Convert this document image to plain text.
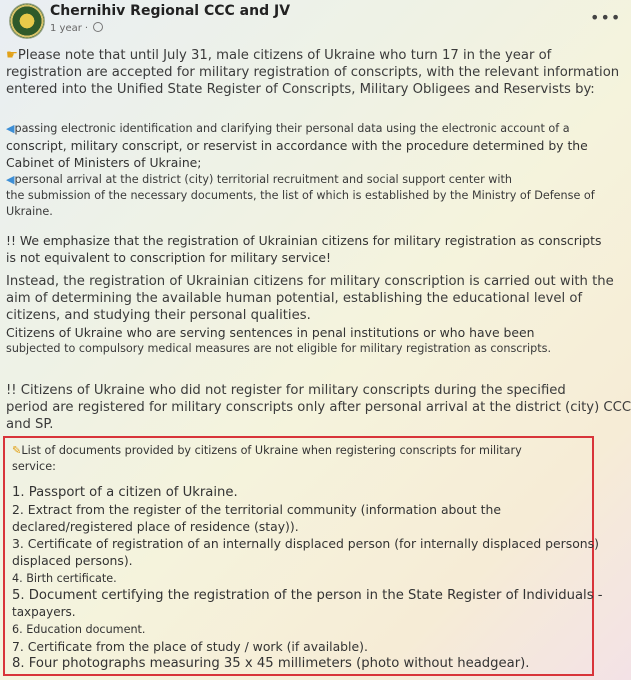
Chernihiv Regional CCC and JV
1 year ·
•••

☛Please note that until July 31, male citizens of Ukraine who turn 17 in the year of
registration are accepted for military registration of conscripts, with the relevant information
entered into the Unified State Register of Conscripts, Military Obligees and Reservists by:

◀passing electronic identification and clarifying their personal data using the electronic account of a
conscript, military conscript, or reservist in accordance with the procedure determined by the
Cabinet of Ministers of Ukraine;

◀personal arrival at the district (city) territorial recruitment and social support center with
the submission of the necessary documents, the list of which is established by the Ministry of Defense of
Ukraine.

!! We emphasize that the registration of Ukrainian citizens for military registration as conscripts
is not equivalent to conscription for military service!

Instead, the registration of Ukrainian citizens for military conscription is carried out with the
aim of determining the available human potential, establishing the educational level of
citizens, and studying their personal qualities.

Citizens of Ukraine who are serving sentences in penal institutions or who have been
subjected to compulsory medical measures are not eligible for military registration as conscripts.

!! Citizens of Ukraine who did not register for military conscripts during the specified
period are registered for military conscripts only after personal arrival at the district (city) CCC
and SP.

✎List of documents provided by citizens of Ukraine when registering conscripts for military
service:

1. Passport of a citizen of Ukraine.

2. Extract from the register of the territorial community (information about the
declared/registered place of residence (stay)).

3. Certificate of registration of an internally displaced person (for internally displaced persons)
displaced persons).

4. Birth certificate.

5. Document certifying the registration of the person in the State Register of Individuals -
taxpayers.

6. Education document.

7. Certificate from the place of study / work (if available).

8. Four photographs measuring 35 x 45 millimeters (photo without headgear).
